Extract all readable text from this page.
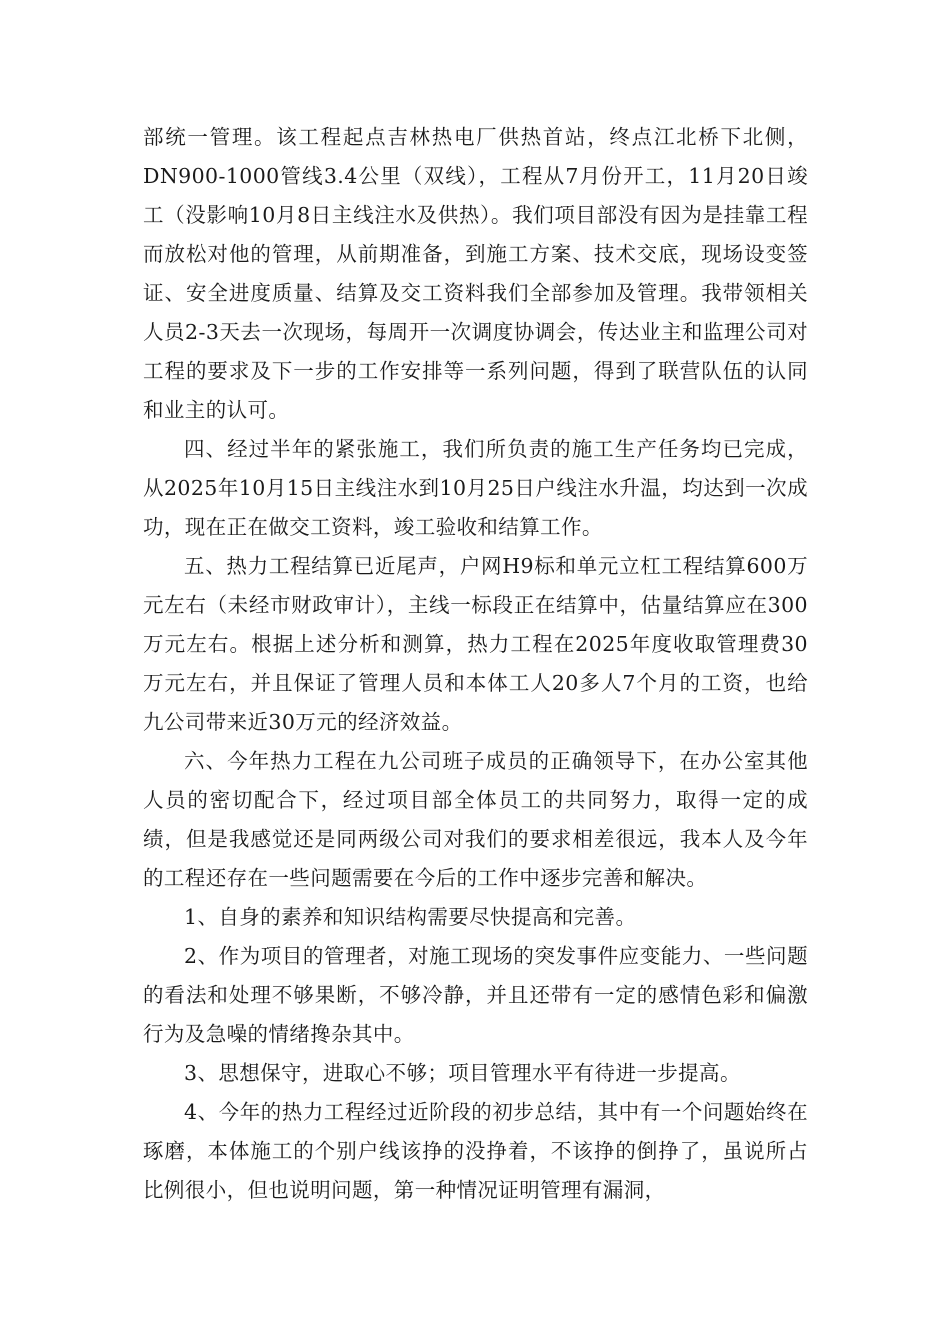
部统一管理。该工程起点吉林热电厂供热首站，终点江北桥下北侧，DN900-1000管线3.4公里（双线），工程从7月份开工，11月20日竣工（没影响10月8日主线注水及供热）。我们项目部没有因为是挂靠工程而放松对他的管理，从前期准备，到施工方案、技术交底，现场设变签证、安全进度质量、结算及交工资料我们全部参加及管理。我带领相关人员2-3天去一次现场，每周开一次调度协调会，传达业主和监理公司对工程的要求及下一步的工作安排等一系列问题，得到了联营队伍的认同和业主的认可。

四、经过半年的紧张施工，我们所负责的施工生产任务均已完成，从2025年10月15日主线注水到10月25日户线注水升温，均达到一次成功，现在正在做交工资料，竣工验收和结算工作。

五、热力工程结算已近尾声，户网H9标和单元立杠工程结算600万元左右（未经市财政审计），主线一标段正在结算中，估量结算应在300万元左右。根据上述分析和测算，热力工程在2025年度收取管理费30万元左右，并且保证了管理人员和本体工人20多人7个月的工资，也给九公司带来近30万元的经济效益。

六、今年热力工程在九公司班子成员的正确领导下，在办公室其他人员的密切配合下，经过项目部全体员工的共同努力，取得一定的成绩，但是我感觉还是同两级公司对我们的要求相差很远，我本人及今年的工程还存在一些问题需要在今后的工作中逐步完善和解决。

1、自身的素养和知识结构需要尽快提高和完善。

2、作为项目的管理者，对施工现场的突发事件应变能力、一些问题的看法和处理不够果断，不够冷静，并且还带有一定的感情色彩和偏激行为及急噪的情绪搀杂其中。

3、思想保守，进取心不够；项目管理水平有待进一步提高。

4、今年的热力工程经过近阶段的初步总结，其中有一个问题始终在琢磨，本体施工的个别户线该挣的没挣着，不该挣的倒挣了，虽说所占比例很小，但也说明问题，第一种情况证明管理有漏洞，
